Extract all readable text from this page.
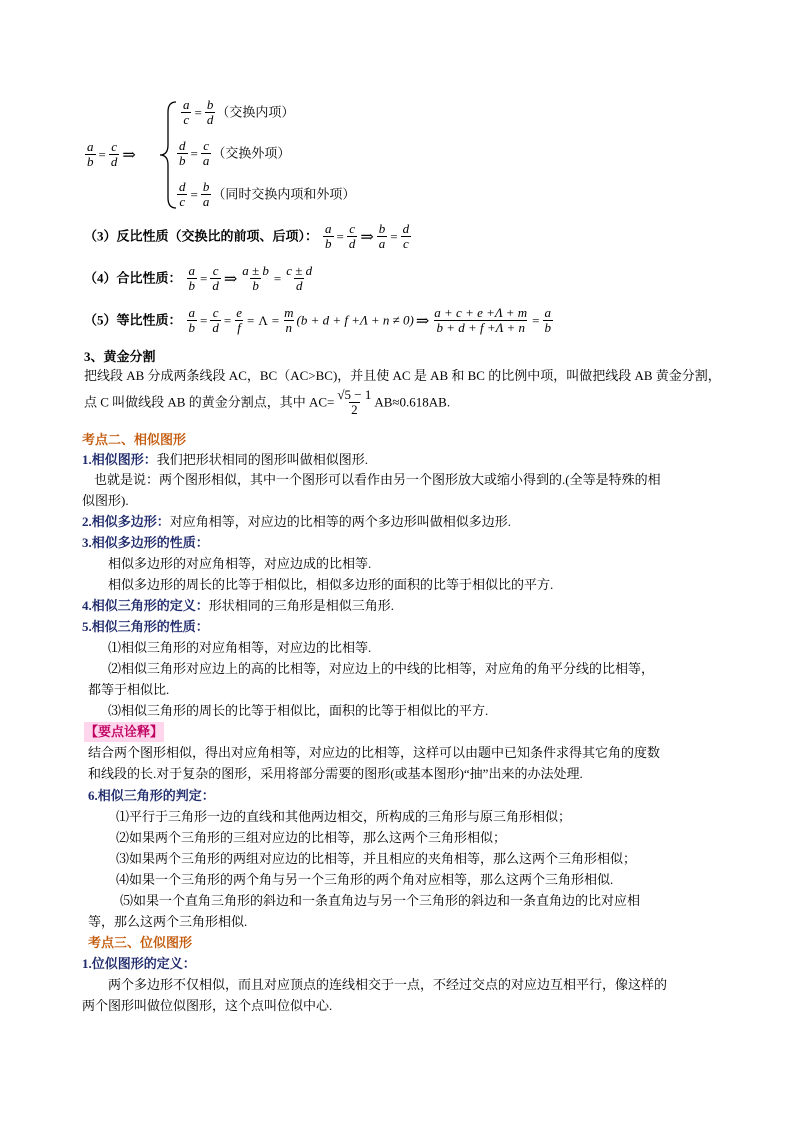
$\frac{a}{b} = \frac{c}{d}$ ⇒
$\frac{a}{c} = \frac{b}{d}$ （交换内项）
$\frac{d}{b} = \frac{c}{a}$ （交换外项）
$\frac{d}{c} = \frac{b}{a}$ （同时交换内项和外项）
（3）反比性质（交换比的前项、后项）： $\frac{a}{b} = \frac{c}{d}$ ⇒ $\frac{b}{a} = \frac{d}{c}$
（4）合比性质： $\frac{a}{b} = \frac{c}{d}$ ⇒ $\frac{a \pm b}{b} = \frac{c \pm d}{d}$
（5）等比性质： $\frac{a}{b} = \frac{c}{d} = \frac{e}{f} = \Lambda = \frac{m}{n} (b + d + f +\Lambda + n \ne 0)$ ⇒ $\frac{a + c + e +\Lambda + m}{b + d + f +\Lambda + n} = \frac{a}{b}$
3、黄金分割
把线段 AB 分成两条线段 AC，BC（AC>BC)，并且使 AC 是 AB 和 BC 的比例中项，叫做把线段 AB 黄金分割，
点 C 叫做线段 AB 的黄金分割点，其中 $AC= \frac{√5 - 1}{2} AB\approx 0.618AB$.
考点二、相似图形
1.相似图形：我们把形状相同的图形叫做相似图形.
也就是说：两个图形相似，其中一个图形可以看作由另一个图形放大或缩小得到的.(全等是特殊的相
似图形).
2.相似多边形：对应角相等，对应边的比相等的两个多边形叫做相似多边形.
3.相似多边形的性质：
相似多边形的对应角相等，对应边成的比相等.
相似多边形的周长的比等于相似比，相似多边形的面积的比等于相似比的平方.
4.相似三角形的定义：形状相同的三角形是相似三角形.
5.相似三角形的性质：
⑴相似三角形的对应角相等，对应边的比相等.
⑵相似三角形对应边上的高的比相等，对应边上的中线的比相等，对应角的角平分线的比相等，
都等于相似比.
⑶相似三角形的周长的比等于相似比，面积的比等于相似比的平方.
【要点诠释】
结合两个图形相似，得出对应角相等，对应边的比相等，这样可以由题中已知条件求得其它角的度数
和线段的长.对于复杂的图形，采用将部分需要的图形(或基本图形)“抽”出来的办法处理.
6.相似三角形的判定：
⑴平行于三角形一边的直线和其他两边相交，所构成的三角形与原三角形相似；
⑵如果两个三角形的三组对应边的比相等，那么这两个三角形相似；
⑶如果两个三角形的两组对应边的比相等，并且相应的夹角相等，那么这两个三角形相似；
⑷如果一个三角形的两个角与另一个三角形的两个角对应相等，那么这两个三角形相似.
⑸如果一个直角三角形的斜边和一条直角边与另一个三角形的斜边和一条直角边的比对应相
等，那么这两个三角形相似.
考点三、位似图形
1.位似图形的定义：
两个多边形不仅相似，而且对应顶点的连线相交于一点，不经过交点的对应边互相平行，像这样的
两个图形叫做位似图形，这个点叫位似中心.
